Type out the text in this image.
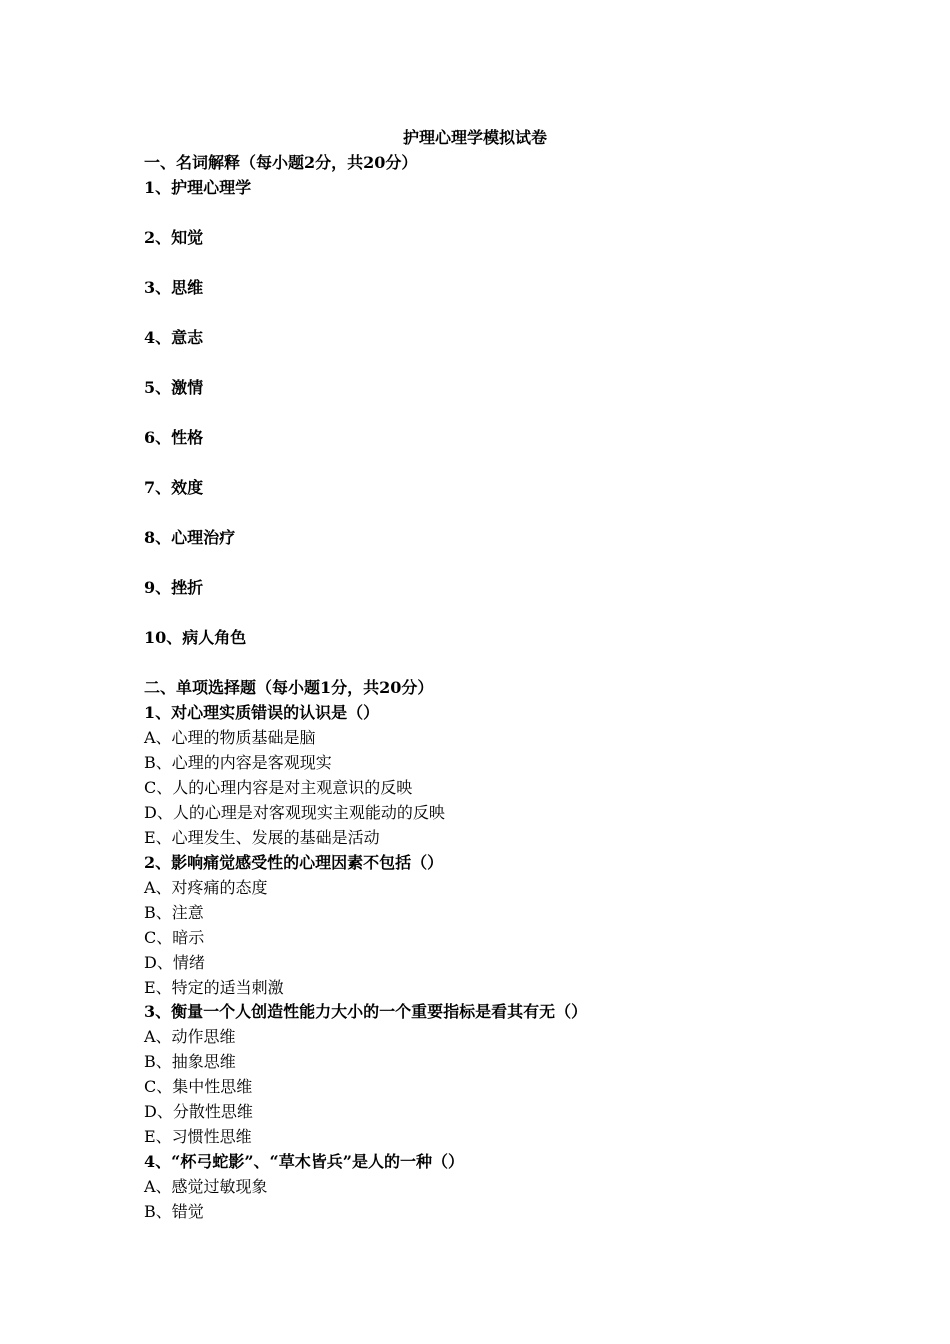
护理心理学模拟试卷
一、名词解释（每小题2分，共20分）
1、护理心理学
2、知觉
3、思维
4、意志
5、激情
6、性格
7、效度
8、心理治疗
9、挫折
10、病人角色
二、单项选择题（每小题1分，共20分）
1、对心理实质错误的认识是（）
A、心理的物质基础是脑
B、心理的内容是客观现实
C、人的心理内容是对主观意识的反映
D、人的心理是对客观现实主观能动的反映
E、心理发生、发展的基础是活动
2、影响痛觉感受性的心理因素不包括（）
A、对疼痛的态度
B、注意
C、暗示
D、情绪
E、特定的适当刺激
3、衡量一个人创造性能力大小的一个重要指标是看其有无（）
A、动作思维
B、抽象思维
C、集中性思维
D、分散性思维
E、习惯性思维
4、“杯弓蛇影”、“草木皆兵”是人的一种（）
A、感觉过敏现象
B、错觉
